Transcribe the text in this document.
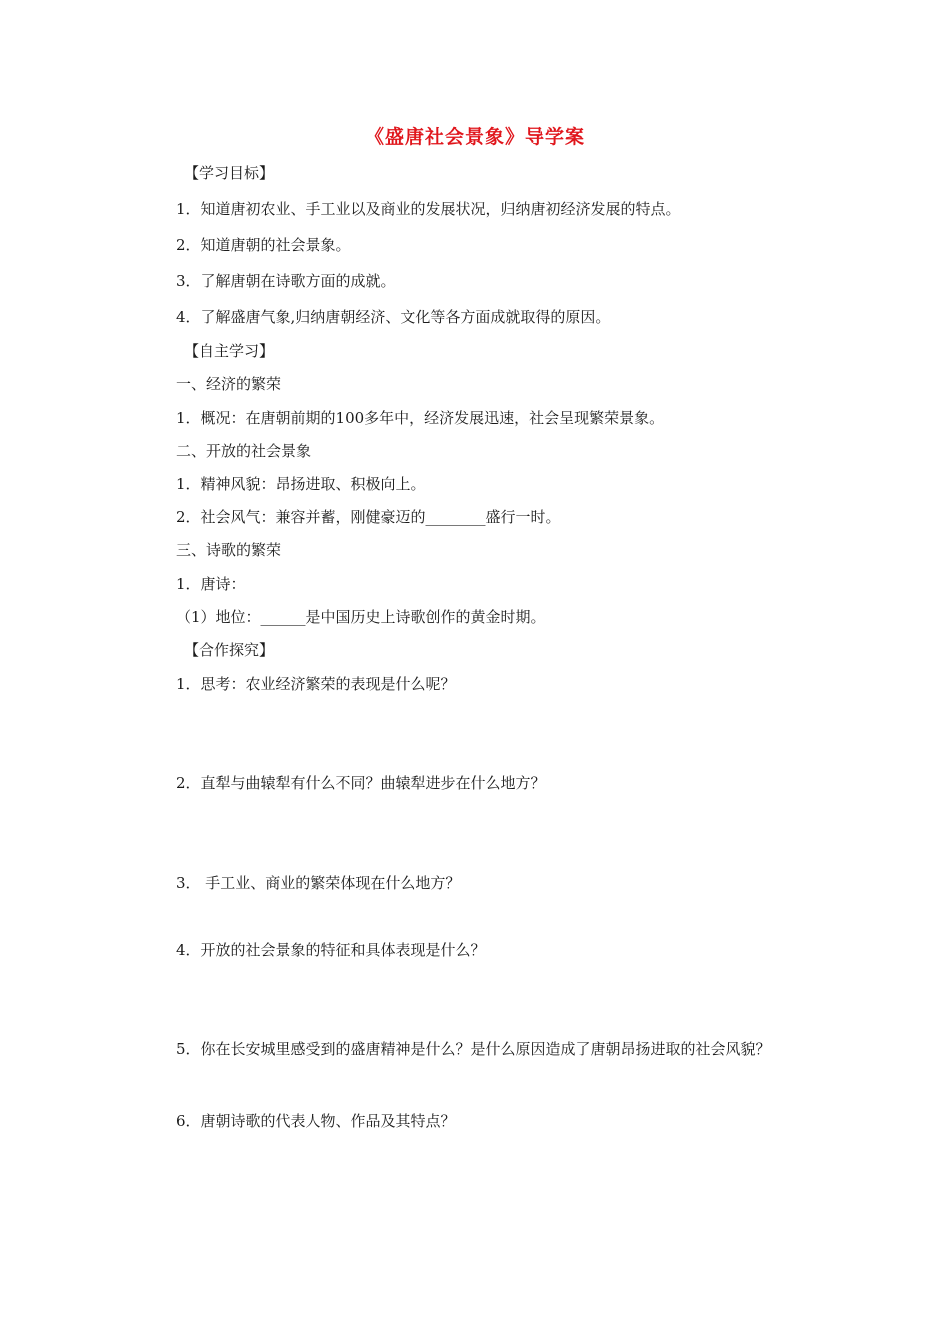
《盛唐社会景象》导学案
【学习目标】
1．知道唐初农业、手工业以及商业的发展状况，归纳唐初经济发展的特点。
2．知道唐朝的社会景象。
3．了解唐朝在诗歌方面的成就。
4．了解盛唐气象,归纳唐朝经济、文化等各方面成就取得的原因。
【自主学习】
一、经济的繁荣
1．概况：在唐朝前期的100多年中，经济发展迅速，社会呈现繁荣景象。
二、开放的社会景象
1．精神风貌：昂扬进取、积极向上。
2．社会风气：兼容并蓄，刚健豪迈的________盛行一时。
三、诗歌的繁荣
1．唐诗：
（1）地位：______是中国历史上诗歌创作的黄金时期。
【合作探究】
1．思考：农业经济繁荣的表现是什么呢？
2．直犁与曲辕犁有什么不同？曲辕犁进步在什么地方？
3． 手工业、商业的繁荣体现在什么地方？
4．开放的社会景象的特征和具体表现是什么？
5．你在长安城里感受到的盛唐精神是什么？是什么原因造成了唐朝昂扬进取的社会风貌？
6．唐朝诗歌的代表人物、作品及其特点？
